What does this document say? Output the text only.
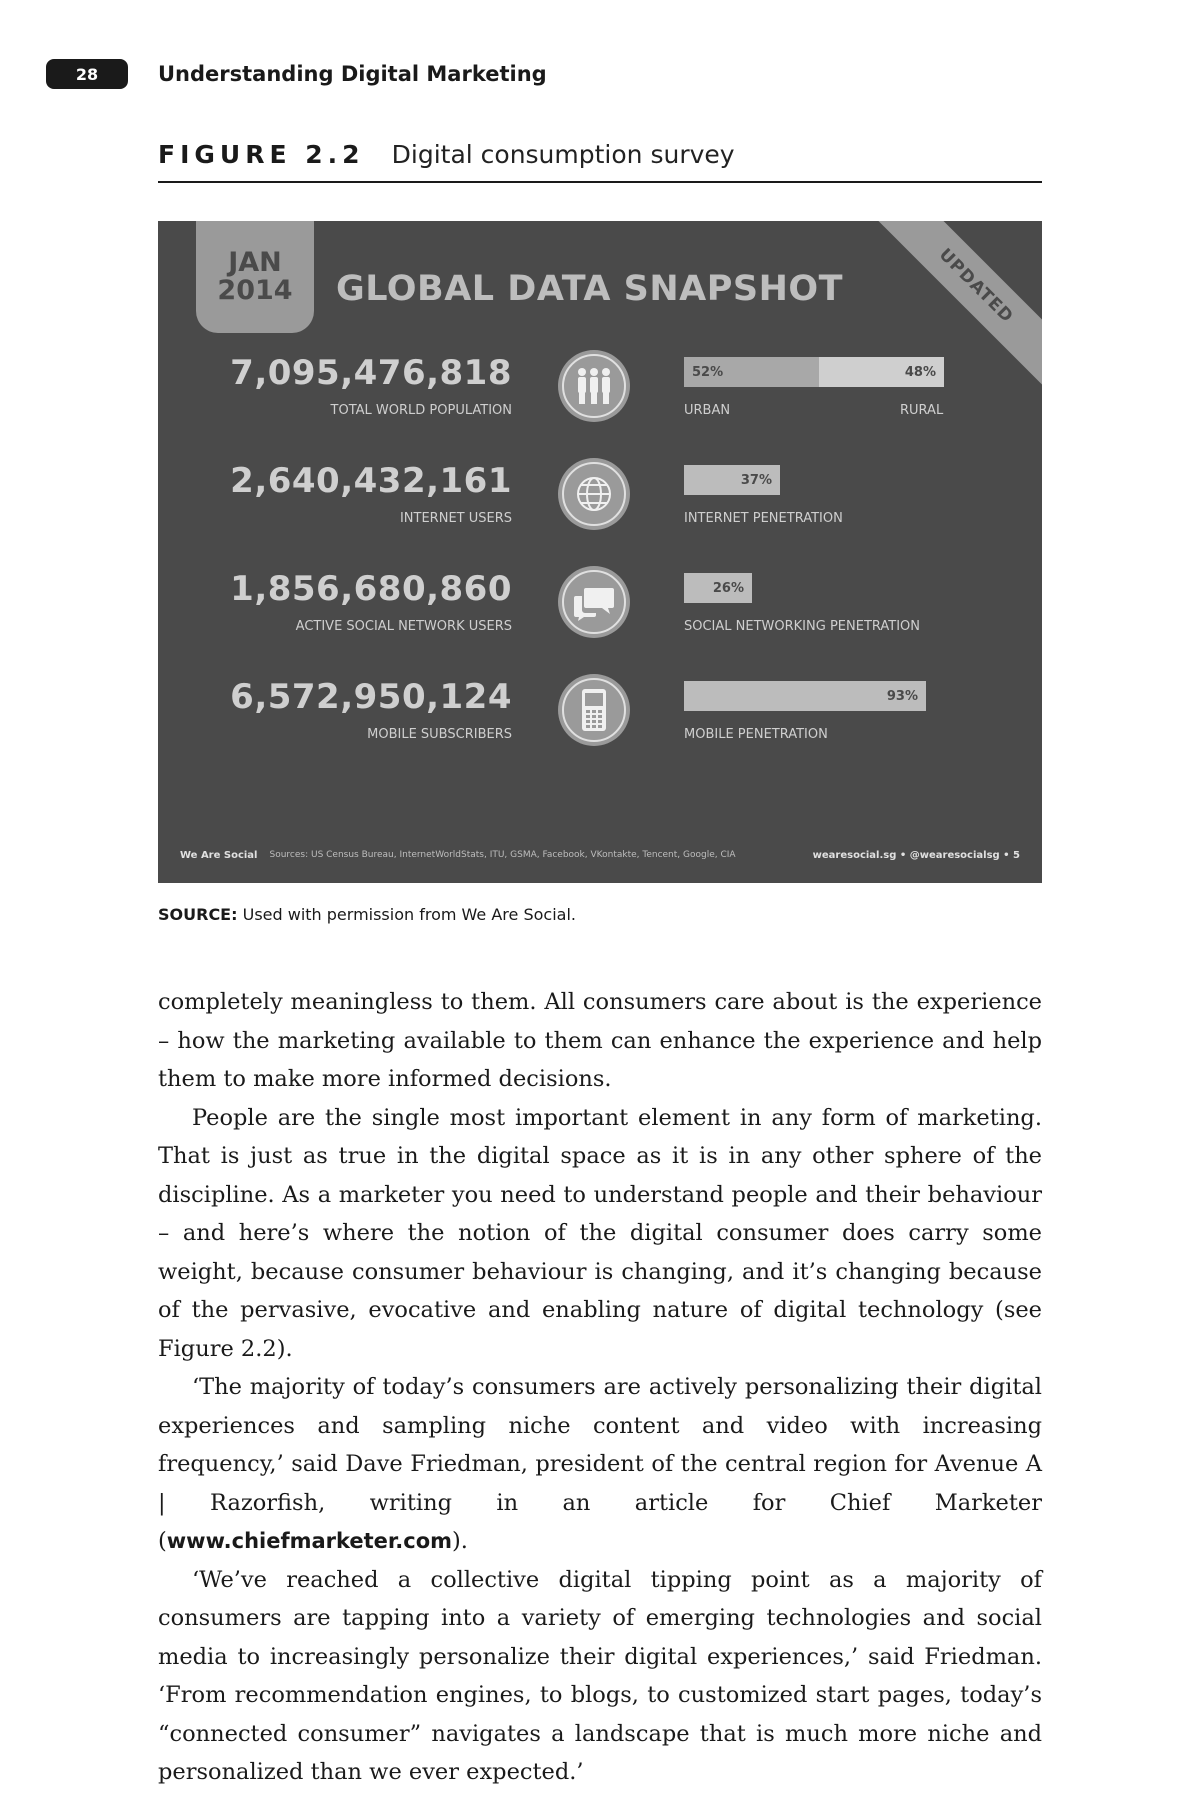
28	Understanding Digital Marketing
FIGURE 2.2 Digital consumption survey
JAN
2014 GLOBAL DATA SNAPSHOT	UPDATED
7,095,476,818
TOTAL WORLD POPULATION
52%	48%
URBAN	RURAL
2,640,432,161
INTERNET USERS
37%
INTERNET PENETRATION
1,856,680,860
ACTIVE SOCIAL NETWORK USERS
26%
SOCIAL NETWORKING PENETRATION
6,572,950,124
MOBILE SUBSCRIBERS
93%
MOBILE PENETRATION
We Are Social Sources: US Census Bureau, InternetWorldStats, ITU, GSMA, Facebook, VKontakte, Tencent, Google, CIA	wearesocial.sg • @wearesocialsg • 5
SOURCE: Used with permission from We Are Social.

completely meaningless to them. All consumers care about is the experience – how the marketing available to them can enhance the experience and help them to make more informed decisions.

People are the single most important element in any form of marketing. That is just as true in the digital space as it is in any other sphere of the discipline. As a marketer you need to understand people and their behaviour – and here’s where the notion of the digital consumer does carry some weight, because consumer behaviour is changing, and it’s changing because of the pervasive, evocative and enabling nature of digital technology (see Figure 2.2).

‘The majority of today’s consumers are actively personalizing their digital experiences and sampling niche content and video with increasing frequency,’ said Dave Friedman, president of the central region for Avenue A | Razorfish, writing in an article for Chief Marketer (www.chiefmarketer.com).

‘We’ve reached a collective digital tipping point as a majority of consumers are tapping into a variety of emerging technologies and social media to increasingly personalize their digital experiences,’ said Friedman. ‘From recommendation engines, to blogs, to customized start pages, today’s “connected consumer” navigates a landscape that is much more niche and personalized than we ever expected.’
